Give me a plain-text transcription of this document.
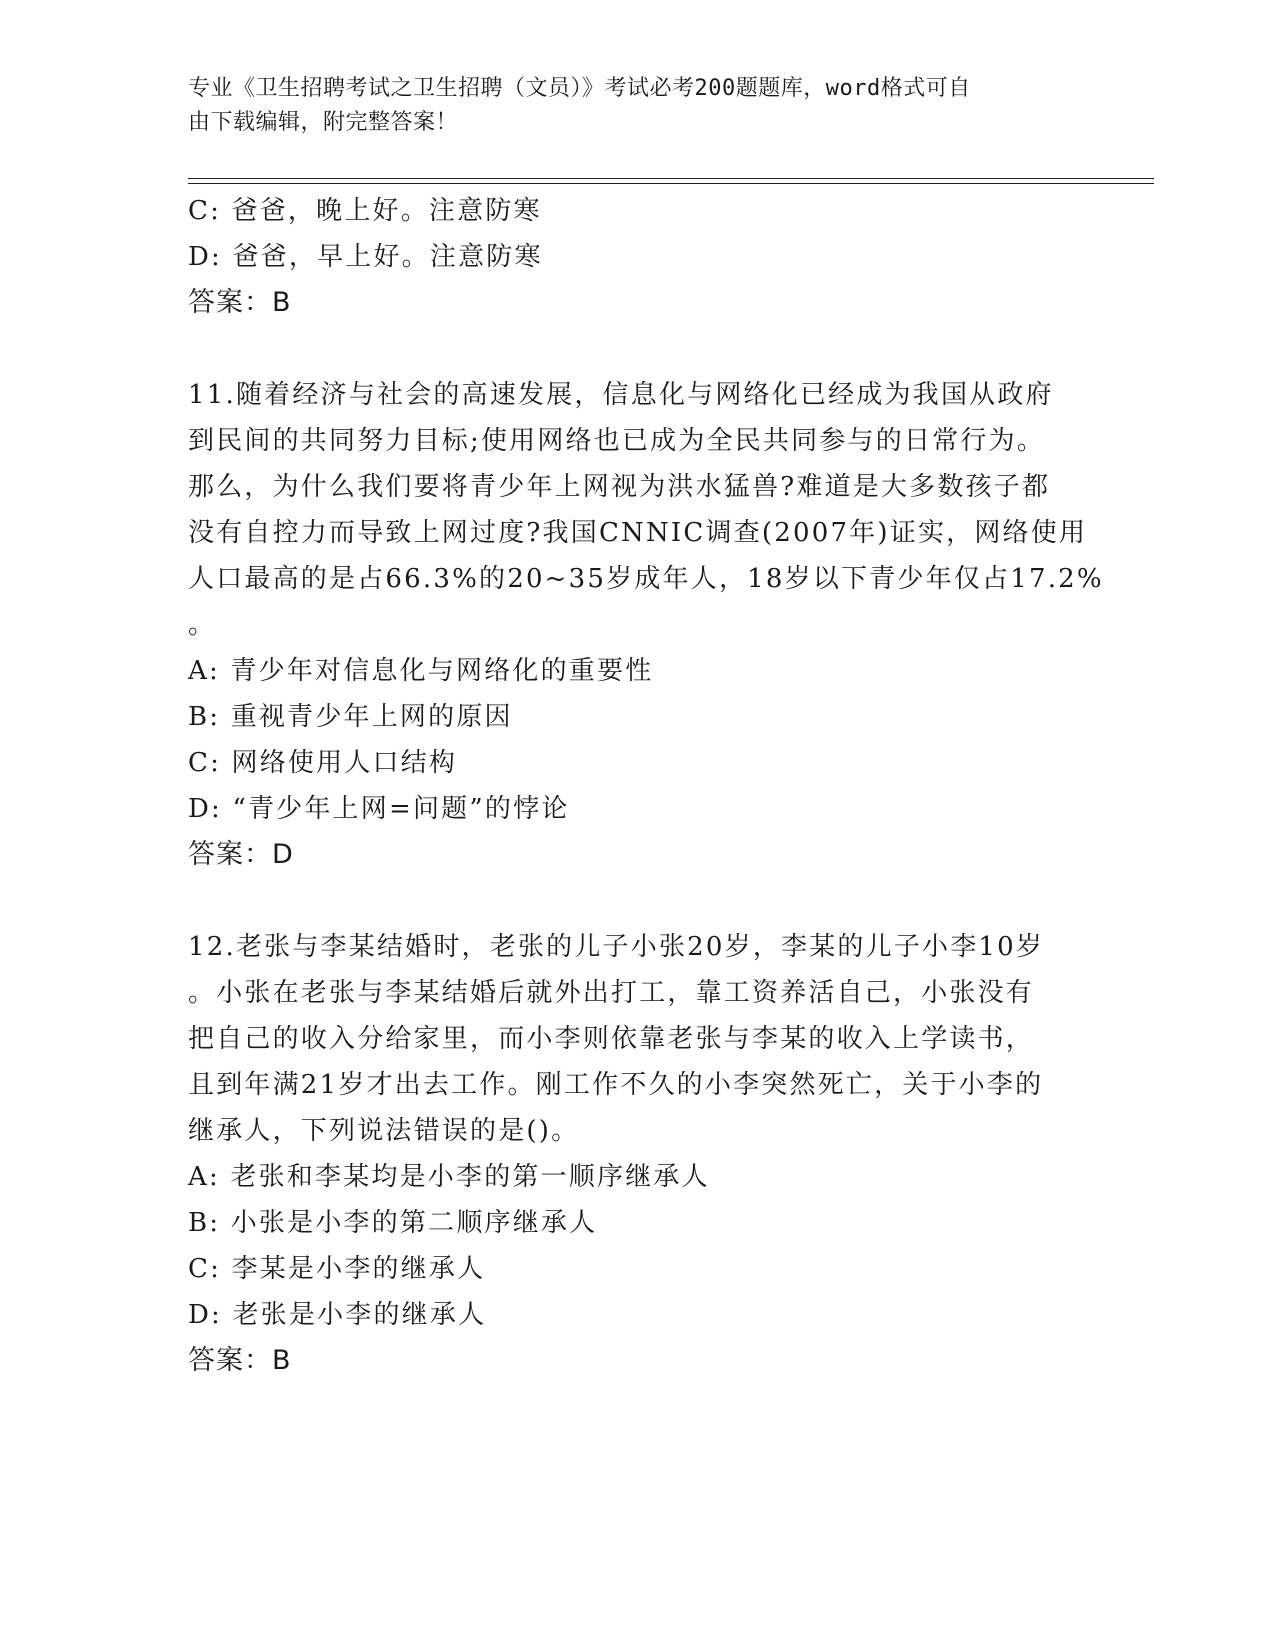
专业《卫生招聘考试之卫生招聘（文员）》考试必考200题题库，word格式可自
由下载编辑，附完整答案！
C: 爸爸，晚上好。注意防寒
D: 爸爸，早上好。注意防寒
答案：B
11.随着经济与社会的高速发展，信息化与网络化已经成为我国从政府
到民间的共同努力目标;使用网络也已成为全民共同参与的日常行为。
那么，为什么我们要将青少年上网视为洪水猛兽?难道是大多数孩子都
没有自控力而导致上网过度?我国CNNIC调查(2007年)证实，网络使用
人口最高的是占66.3%的20~35岁成年人，18岁以下青少年仅占17.2%
。
A: 青少年对信息化与网络化的重要性
B: 重视青少年上网的原因
C: 网络使用人口结构
D: “青少年上网=问题”的悖论
答案：D
12.老张与李某结婚时，老张的儿子小张20岁，李某的儿子小李10岁
。小张在老张与李某结婚后就外出打工，靠工资养活自己，小张没有
把自己的收入分给家里，而小李则依靠老张与李某的收入上学读书，
且到年满21岁才出去工作。刚工作不久的小李突然死亡，关于小李的
继承人，下列说法错误的是()。
A: 老张和李某均是小李的第一顺序继承人
B: 小张是小李的第二顺序继承人
C: 李某是小李的继承人
D: 老张是小李的继承人
答案：B
